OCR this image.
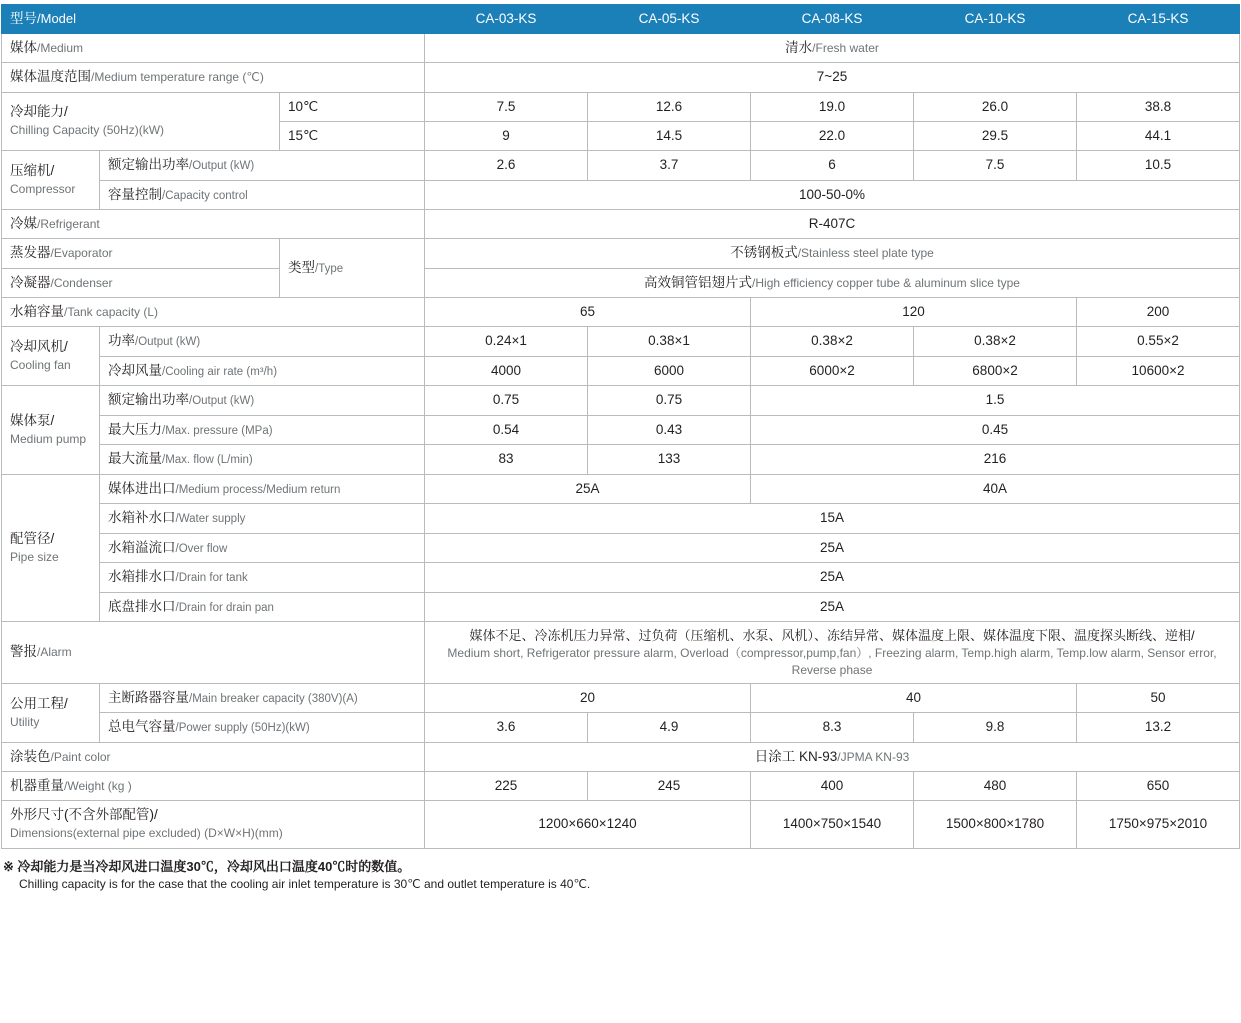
型号/Model			CA-03-KS	CA-05-KS	CA-08-KS	CA-10-KS	CA-15-KS
媒体/Medium			清水/Fresh water				
媒体温度范围/Medium temperature range (℃)			7~25				
冷却能力/
Chilling Capacity (50Hz)(kW)		10℃	7.5	12.6	19.0	26.0	38.8
		15℃	9	14.5	22.0	29.5	44.1
压缩机/
Compressor	额定输出功率/Output (kW)		2.6	3.7	6	7.5	10.5
	容量控制/Capacity control		100-50-0%				
冷媒/Refrigerant			R-407C				
蒸发器/Evaporator		类型/Type	不锈钢板式/Stainless steel plate type				
冷凝器/Condenser			高效铜管铝翅片式/High efficiency copper tube & aluminum slice type				
水箱容量/Tank capacity (L)			65		120		200
冷却风机/
Cooling fan	功率/Output (kW)		0.24×1	0.38×1	0.38×2	0.38×2	0.55×2
	冷却风量/Cooling air rate (m³/h)		4000	6000	6000×2	6800×2	10600×2
媒体泵/
Medium pump	额定输出功率/Output (kW)		0.75	0.75	1.5		
	最大压力/Max. pressure (MPa)		0.54	0.43	0.45		
	最大流量/Max. flow (L/min)		83	133	216		
配管径/
Pipe size	媒体进出口/Medium process/Medium return		25A		40A		
	水箱补水口/Water supply		15A				
	水箱溢流口/Over flow		25A				
	水箱排水口/Drain for tank		25A				
	底盘排水口/Drain for drain pan		25A				
警报/Alarm			媒体不足、冷冻机压力异常、过负荷（压缩机、水泵、风机）、冻结异常、媒体温度上限、媒体温度下限、温度探头断线、逆相/
Medium short, Refrigerator pressure alarm, Overload（compressor,pump,fan）, Freezing alarm, Temp.high alarm, Temp.low alarm, Sensor error, Reverse phase				

公用工程/
Utility	主断路器容量/Main breaker capacity (380V)(A)		20		40		50
	总电气容量/Power supply (50Hz)(kW)		3.6	4.9	8.3	9.8	13.2
涂装色/Paint color			日涂工 KN-93/JPMA KN-93				
机器重量/Weight (kg )			225	245	400	480	650
外形尺寸(不含外部配管)/
Dimensions(external pipe excluded) (D×W×H)(mm)			1200×660×1240		1400×750×1540	1500×800×1780	1750×975×2010
※ 冷却能力是当冷却风进口温度30℃，冷却风出口温度40℃时的数值。
Chilling capacity is for the case that the cooling air inlet temperature is 30℃ and outlet temperature is 40℃.
